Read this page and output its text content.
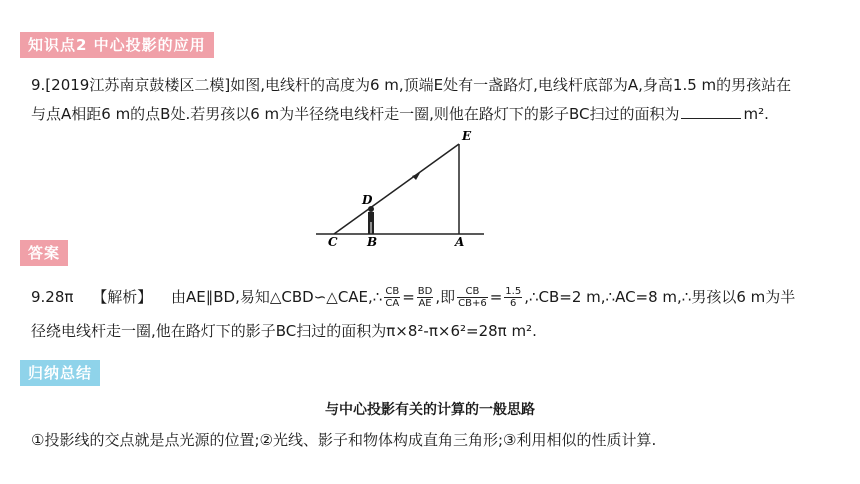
知识点2 中心投影的应用
9.[2019江苏南京鼓楼区二模]如图,电线杆的高度为6 m,顶端E处有一盏路灯,电线杆底部为A,身高1.5 m的男孩站在
与点A相距6 m的点B处.若男孩以6 m为半径绕电线杆走一圈,则他在路灯下的影子BC扫过的面积为	m².
E
D
C B	A
答案
9.28π 【解析】 由AE∥BD,易知△CBD∽△CAE,∴ $\frac{CB}{CA} = \frac{BD}{AE}$ ,即 $\frac{CB}{CB+6} = \frac{1.5}{6}$ ,∴CB=2 m,∴AC=8 m,∴男孩以6 m为半
径绕电线杆走一圈,他在路灯下的影子BC扫过的面积为π×8²-π×6²=28π m².
归纳总结
与中心投影有关的计算的一般思路
①投影线的交点就是点光源的位置;②光线、影子和物体构成直角三角形;③利用相似的性质计算.
